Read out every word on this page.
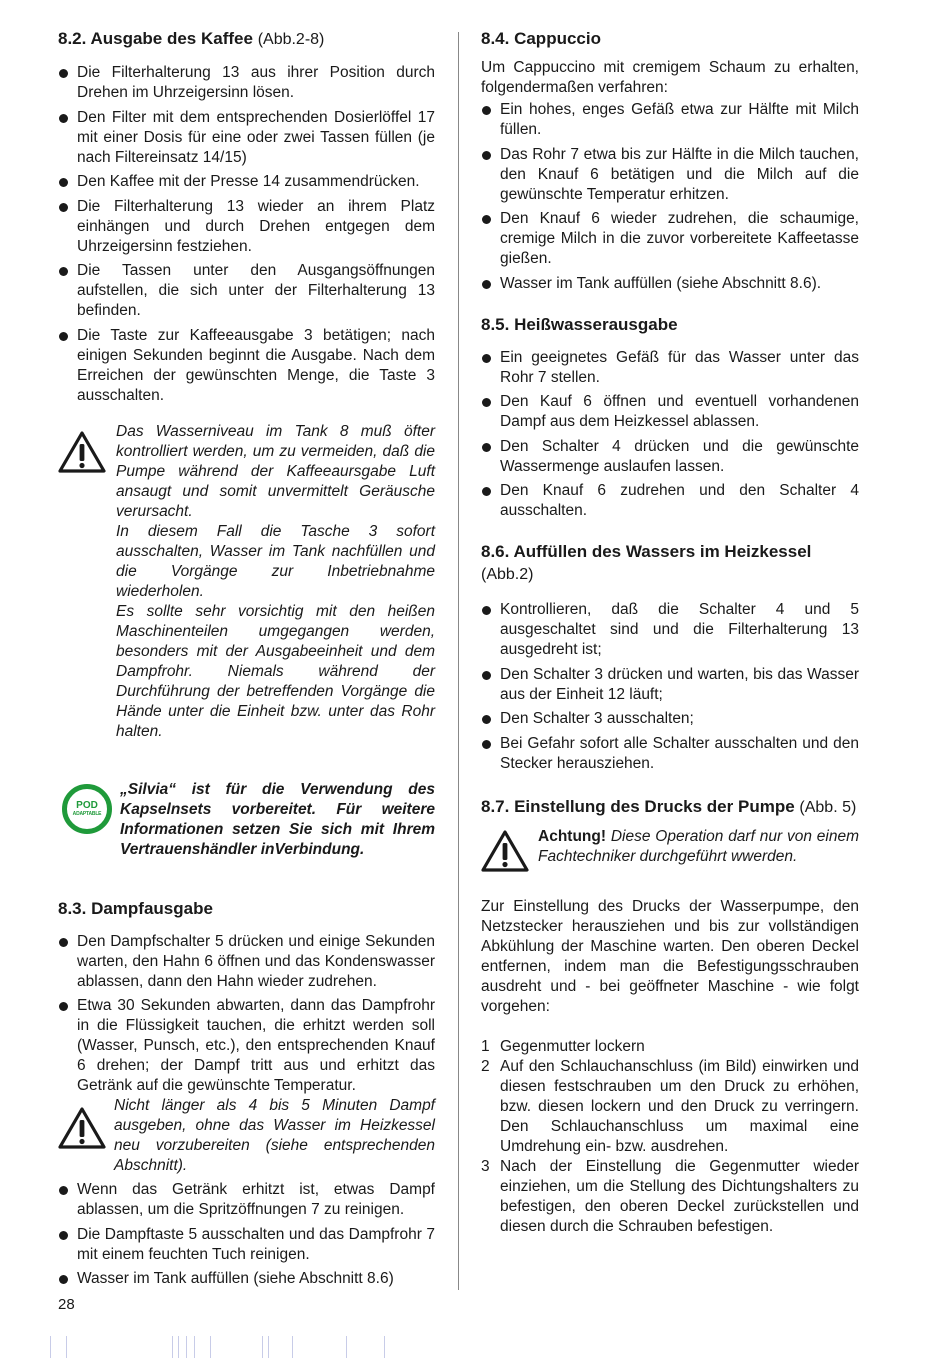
8.2. Ausgabe des Kaffee (Abb.2-8)
Die Filterhalterung 13 aus ihrer Position durch Drehen im Uhrzeigersinn lösen.
Den Filter mit dem entsprechenden Dosierlöffel 17 mit einer Dosis für eine oder zwei Tassen füllen (je nach Filtereinsatz 14/15)
Den Kaffee mit der Presse 14 zusammendrücken.
Die Filterhalterung 13 wieder an ihrem Platz einhängen und durch Drehen entgegen dem Uhrzeigersinn festziehen.
Die Tassen unter den Ausgangsöffnungen aufstellen, die sich unter der Filterhalterung 13 befinden.
Die Taste zur Kaffeeausgabe 3 betätigen; nach einigen Sekunden beginnt die Ausgabe. Nach dem Erreichen der gewünschten Menge, die Taste 3 ausschalten.
Das Wasserniveau im Tank 8 muß öfter kontrolliert werden, um zu vermeiden, daß die Pumpe während der Kaffeeaursgabe Luft ansaugt und somit unvermittelt Geräusche verursacht.
In diesem Fall die Tasche 3 sofort ausschalten, Wasser im Tank nachfüllen und die Vorgänge zur Inbetriebnahme wiederholen.
Es sollte sehr vorsichtig mit den heißen Maschinenteilen umgegangen werden, besonders mit der Ausgabeeinheit und dem Dampfrohr. Niemals während der Durchführung der betreffenden Vorgänge die Hände unter die Einheit bzw. unter das Rohr halten.
POD
ADAPTABLE
„Silvia“ ist für die Verwendung des Kapselnsets vorbereitet. Für weitere Informationen setzen Sie sich mit Ihrem Vertrauenshändler inVerbindung.
8.3. Dampfausgabe
Den Dampfschalter 5 drücken und einige Sekunden warten, den Hahn 6 öffnen und das Kondenswasser ablassen, dann den Hahn wieder zudrehen.
Etwa 30 Sekunden abwarten, dann das Dampfrohr in die Flüssigkeit tauchen, die erhitzt werden soll (Wasser, Punsch, etc.), den entsprechenden Knauf 6 drehen; der Dampf tritt aus und erhitzt das Getränk auf die gewünschte Temperatur.
Nicht länger als 4 bis 5 Minuten Dampf ausgeben, ohne das Wasser im Heizkessel neu vorzubereiten (siehe entsprechenden Abschnitt).
Wenn das Getränk erhitzt ist, etwas Dampf ablassen, um die Spritzöffnungen 7 zu reinigen.
Die Dampftaste 5 ausschalten und das Dampfrohr 7 mit einem feuchten Tuch reinigen.
Wasser im Tank auffüllen (siehe Abschnitt 8.6)
8.4. Cappuccio

Um Cappuccino mit cremigem Schaum zu erhalten, folgendermaßen verfahren:

Ein hohes, enges Gefäß etwa zur Hälfte mit Milch füllen.
Das Rohr 7 etwa bis zur Hälfte in die Milch tauchen, den Knauf 6 betätigen und die Milch auf die gewünschte Temperatur erhitzen.
Den Knauf 6 wieder zudrehen, die schaumige, cremige Milch in die zuvor vorbereitete Kaffeetasse gießen.
Wasser im Tank auffüllen (siehe Abschnitt 8.6).
8.5. Heißwasserausgabe
Ein geeignetes Gefäß für das Wasser unter das Rohr 7 stellen.
Den Kauf 6 öffnen und eventuell vorhandenen Dampf aus dem Heizkessel ablassen.
Den Schalter 4 drücken und die gewünschte Wassermenge auslaufen lassen.
Den Knauf 6 zudrehen und den Schalter 4 ausschalten.
8.6. Auffüllen des Wassers im Heizkessel
(Abb.2)
Kontrollieren, daß die Schalter 4 und 5 ausgeschaltet sind und die Filterhalterung 13 ausgedreht ist;
Den Schalter 3 drücken und warten, bis das Wasser aus der Einheit 12 läuft;
Den Schalter 3 ausschalten;
Bei Gefahr sofort alle Schalter ausschalten und den Stecker herausziehen.
8.7. Einstellung des Drucks der Pumpe (Abb. 5)
Achtung! Diese Operation darf nur von einem Fachtechniker durchgeführt wwerden.

Zur Einstellung des Drucks der Wasserpumpe, den Netzstecker herausziehen und bis zur vollständigen Abkühlung der Maschine warten. Den oberen Deckel entfernen, indem man die Befestigungsschrauben ausdreht und - bei geöffneter Maschine - wie folgt vorgehen:

1 Gegenmutter lockern
2 Auf den Schlauchanschluss (im Bild) einwirken und diesen festschrauben um den Druck zu erhöhen, bzw. diesen lockern und den Druck zu verringern. Den Schlauchanschluss um maximal eine Umdrehung ein- bzw. ausdrehen.
3 Nach der Einstellung die Gegenmutter wieder einziehen, um die Stellung des Dichtungshalters zu befestigen, den oberen Deckel zurückstellen und diesen durch die Schrauben befestigen.
28
